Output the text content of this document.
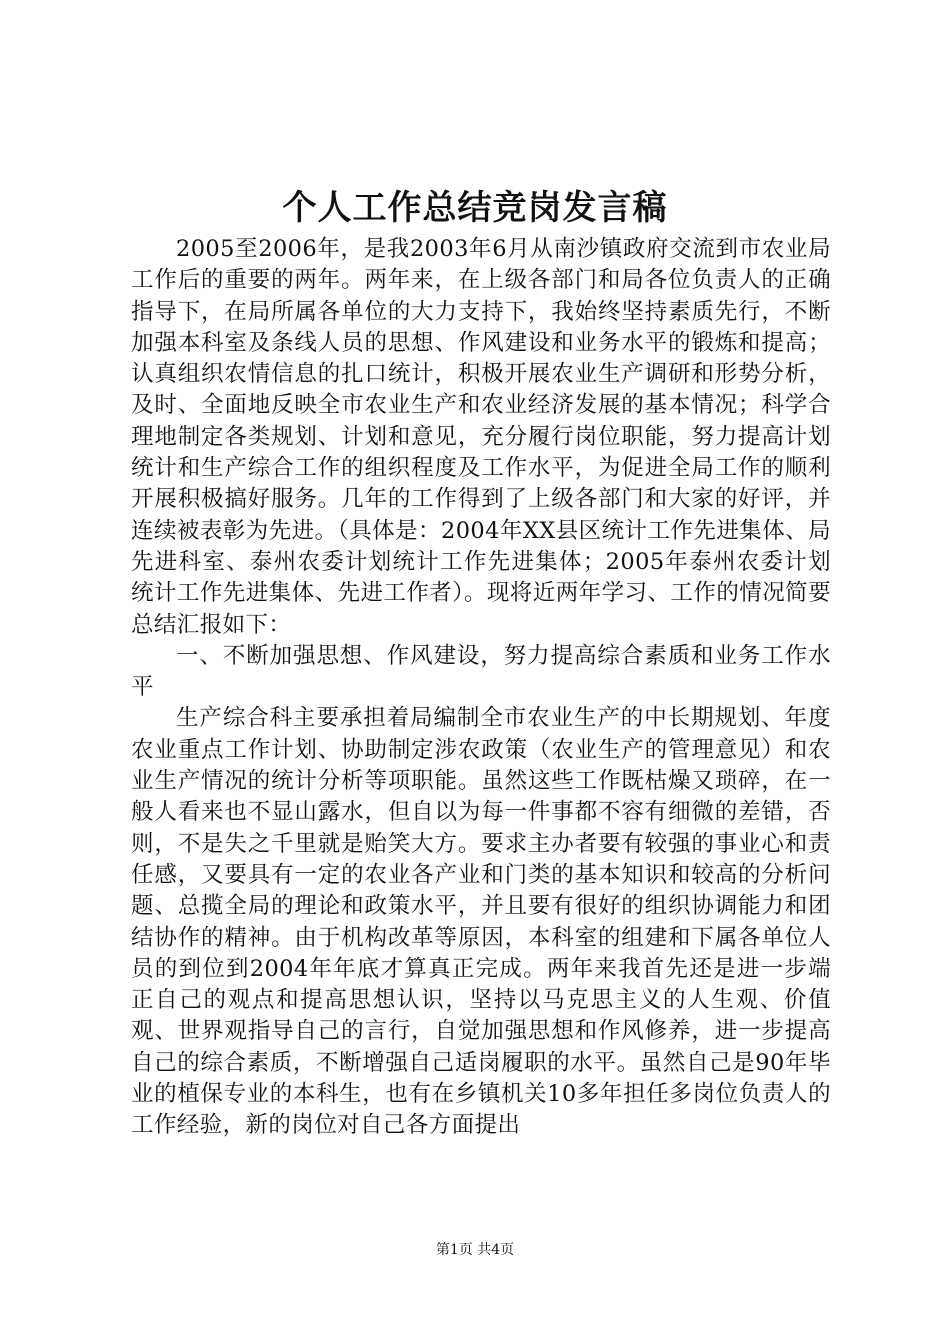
个人工作总结竞岗发言稿

2005至2006年，是我2003年6月从南沙镇政府交流到市农业局工作后的重要的两年。两年来，在上级各部门和局各位负责人的正确指导下，在局所属各单位的大力支持下，我始终坚持素质先行，不断加强本科室及条线人员的思想、作风建设和业务水平的锻炼和提高；认真组织农情信息的扎口统计，积极开展农业生产调研和形势分析，及时、全面地反映全市农业生产和农业经济发展的基本情况；科学合理地制定各类规划、计划和意见，充分履行岗位职能，努力提高计划统计和生产综合工作的组织程度及工作水平，为促进全局工作的顺利开展积极搞好服务。几年的工作得到了上级各部门和大家的好评，并连续被表彰为先进。（具体是：2004年XX县区统计工作先进集体、局先进科室、泰州农委计划统计工作先进集体；2005年泰州农委计划统计工作先进集体、先进工作者）。现将近两年学习、工作的情况简要总结汇报如下：

一、不断加强思想、作风建设，努力提高综合素质和业务工作水平

生产综合科主要承担着局编制全市农业生产的中长期规划、年度农业重点工作计划、协助制定涉农政策（农业生产的管理意见）和农业生产情况的统计分析等项职能。虽然这些工作既枯燥又琐碎，在一般人看来也不显山露水，但自以为每一件事都不容有细微的差错，否则，不是失之千里就是贻笑大方。要求主办者要有较强的事业心和责任感，又要具有一定的农业各产业和门类的基本知识和较高的分析问题、总揽全局的理论和政策水平，并且要有很好的组织协调能力和团结协作的精神。由于机构改革等原因，本科室的组建和下属各单位人员的到位到2004年年底才算真正完成。两年来我首先还是进一步端正自己的观点和提高思想认识，坚持以马克思主义的人生观、价值观、世界观指导自己的言行，自觉加强思想和作风修养，进一步提高自己的综合素质，不断增强自己适岗履职的水平。虽然自己是90年毕业的植保专业的本科生，也有在乡镇机关10多年担任多岗位负责人的工作经验，新的岗位对自己各方面提出

第1页 共4页
